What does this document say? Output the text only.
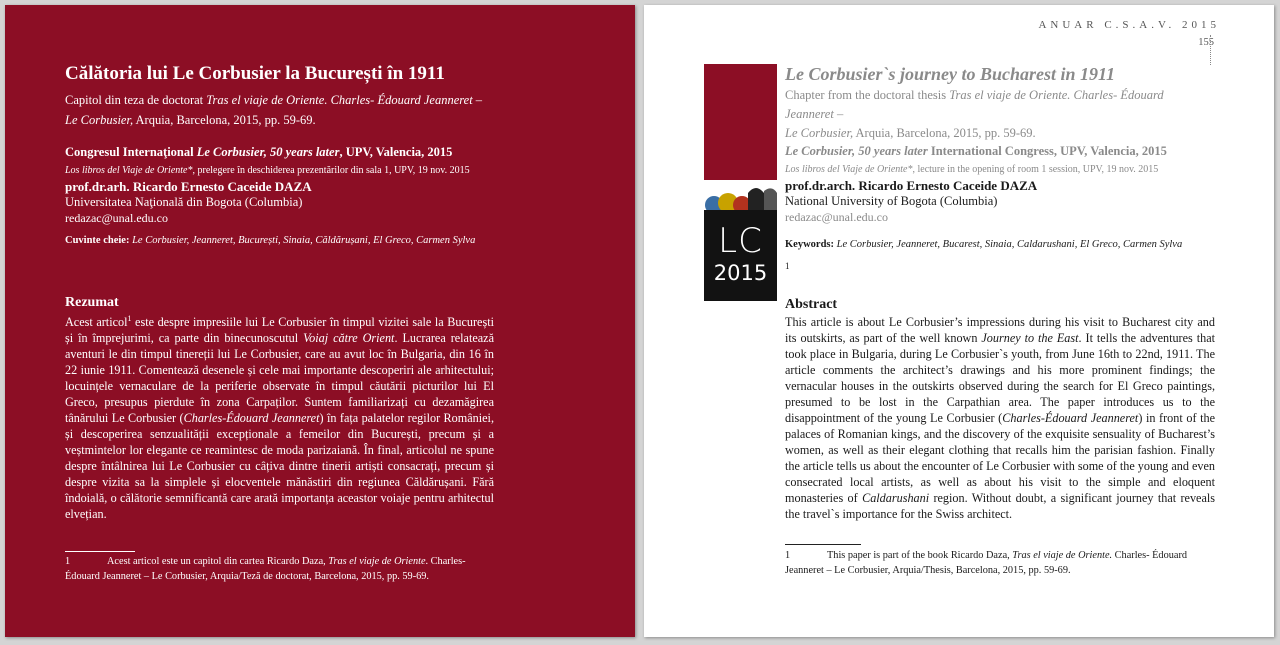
Călătoria lui Le Corbusier la București în 1911
Capitol din teza de doctorat Tras el viaje de Oriente. Charles- Édouard Jeanneret –
Le Corbusier, Arquia, Barcelona, 2015, pp. 59-69.
Congresul Internaţional Le Corbusier, 50 years later, UPV, Valencia, 2015
Los libros del Viaje de Oriente*, prelegere în deschiderea prezentărilor din sala 1, UPV, 19 nov. 2015
prof.dr.arh. Ricardo Ernesto Caceide DAZA
Universitatea Naţională din Bogota (Columbia)
redazac@unal.edu.co
Cuvinte cheie: Le Corbusier, Jeanneret, București, Sinaia, Căldărușani, El Greco, Carmen Sylva
Rezumat
Acest articol$^1$ este despre impresiile lui Le Corbusier în timpul vizitei sale la București și în împrejurimi, ca parte din binecunoscutul Voiaj către Orient. Lucrarea relatează aventuri le din timpul tinereții lui Le Corbusier, care au avut loc în Bulgaria, din 16 în 22 iunie 1911. Comentează desenele și cele mai importante descoperiri ale arhitectului; locuințele vernaculare de la periferie observate în timpul căutării picturilor lui El Greco, presupus pierdute în zona Carpaților. Suntem familiarizați cu dezamăgirea tânărului Le Corbusier (Charles-Édouard Jeanneret) în fața palatelor regilor României, și descoperirea senzualității excepționale a femeilor din București, precum și a veștmintelor lor elegante ce reamintesc de moda parizaiană. În final, articolul ne spune despre întâlnirea lui Le Corbusier cu câțiva dintre tinerii artiști consacrați, precum și despre vizita sa la simplele și elocventele mănăstiri din regiunea Căldărușani. Fără îndoială, o călătorie semnificantă care arată importanța aceastor voiaje pentru arhitectul elvețian.
1	Acest articol este un capitol din cartea Ricardo Daza, Tras el viaje de Oriente. Charles- Édouard Jeanneret – Le Corbusier, Arquia/Teză de doctorat, Barcelona, 2015, pp. 59-69.
ANUAR C.S.A.V. 2015
155
LC
2015
Le Corbusier`s journey to Bucharest in 1911
Chapter from the doctoral thesis Tras el viaje de Oriente. Charles- Édouard Jeanneret –
Le Corbusier, Arquia, Barcelona, 2015, pp. 59-69.
Le Corbusier, 50 years later International Congress, UPV, Valencia, 2015
Los libros del Viaje de Oriente*, lecture in the opening of room 1 session, UPV, 19 nov. 2015
prof.dr.arch. Ricardo Ernesto Caceide DAZA
National University of Bogota (Columbia)
redazac@unal.edu.co
Keywords: Le Corbusier, Jeanneret, Bucarest, Sinaia, Caldarushani, El Greco, Carmen Sylva
1
Abstract
This article is about Le Corbusier’s impressions during his visit to Bucharest city and its outskirts, as part of the well known Journey to the East. It tells the adventures that took place in Bulgaria, during Le Corbusier`s youth, from June 16th to 22nd, 1911. The article comments the architect’s drawings and his more prominent findings; the vernacular houses in the outskirts observed during the search for El Greco paintings, presumed to be lost in the Carpathian area. The paper introduces us to the disappointment of the young Le Corbusier (Charles-Édouard Jeanneret) in front of the palaces of Romanian kings, and the discovery of the exquisite sensuality of Bucharest’s women, as well as their elegant clothing that recalls him the parisian fashion. Finally the article tells us about the encounter of Le Corbusier with some of the young and even consecrated local artists, as well as about his visit to the simple and eloquent monasteries of Caldarushani region. Without doubt, a significant journey that reveals the travel`s importance for the Swiss architect.
1	This paper is part of the book Ricardo Daza, Tras el viaje de Oriente. Charles- Édouard Jeanneret – Le Corbusier, Arquia/Thesis, Barcelona, 2015, pp. 59-69.
